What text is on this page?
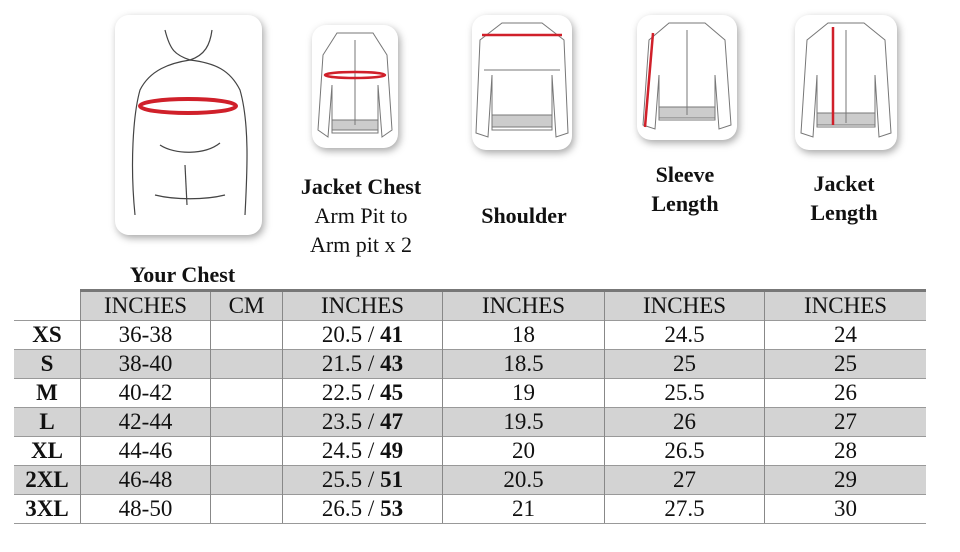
Your Chest
Jacket Chest
Arm Pit to
Arm pit x 2
Shoulder
Sleeve
Length
Jacket
Length
	INCHES	CM	INCHES	INCHES	INCHES	INCHES
XS	36-38		20.5 / 41	18	24.5	24
S	38-40		21.5 / 43	18.5	25	25
M	40-42		22.5 / 45	19	25.5	26
L	42-44		23.5 / 47	19.5	26	27
XL	44-46		24.5 / 49	20	26.5	28
2XL	46-48		25.5 / 51	20.5	27	29
3XL	48-50		26.5 / 53	21	27.5	30
